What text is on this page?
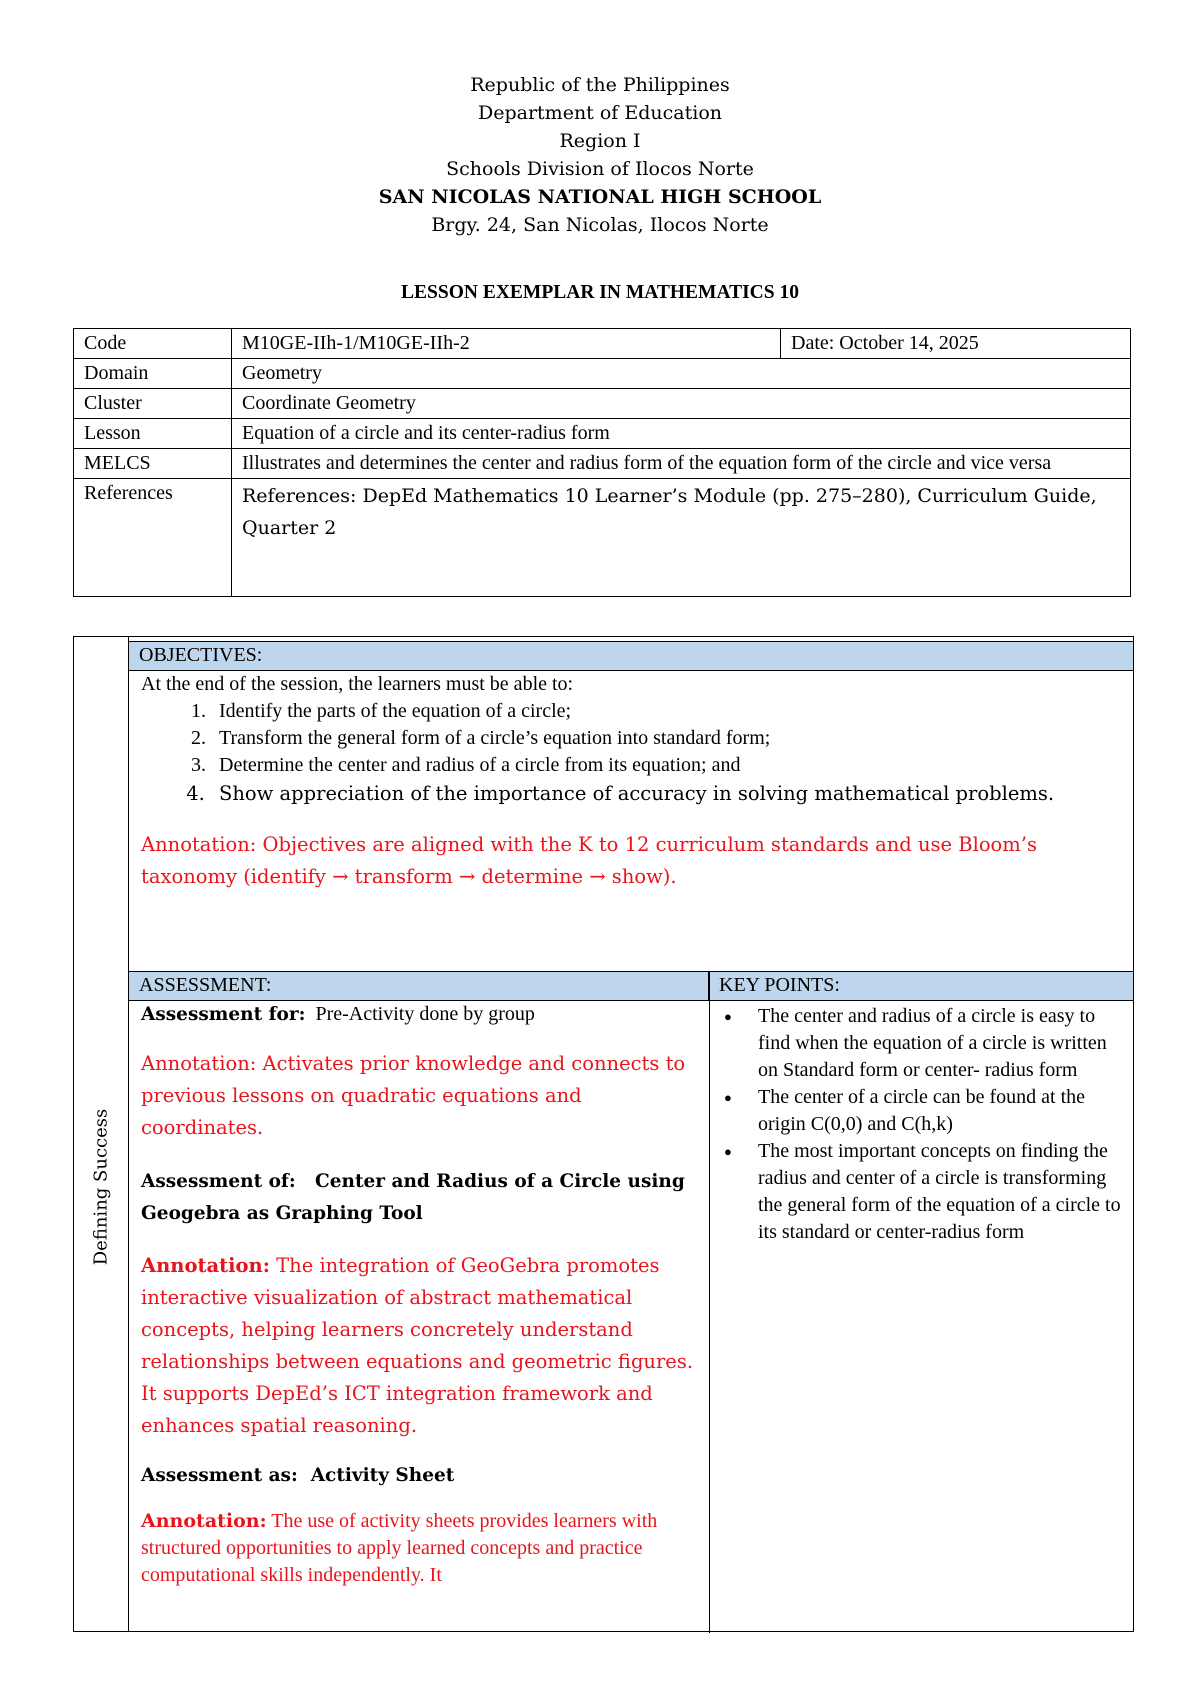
Republic of the Philippines
Department of Education
Region I
Schools Division of Ilocos Norte
SAN NICOLAS NATIONAL HIGH SCHOOL
Brgy. 24, San Nicolas, Ilocos Norte
LESSON EXEMPLAR IN MATHEMATICS 10
Code	M10GE-IIh-1/M10GE-IIh-2	Date: October 14, 2025
Domain	Geometry	
Cluster	Coordinate Geometry	
Lesson	Equation of a circle and its center-radius form	
MELCS	Illustrates and determines the center and radius form of the equation form of the circle and vice versa	
References	References: DepEd Mathematics 10 Learner’s Module (pp. 275–280), Curriculum Guide, Quarter 2	
Defining Success
OBJECTIVES:
At the end of the session, the learners must be able to:
1. Identify the parts of the equation of a circle;
2. Transform the general form of a circle’s equation into standard form;
3. Determine the center and radius of a circle from its equation; and
4. Show appreciation of the importance of accuracy in solving mathematical problems.
Annotation: Objectives are aligned with the K to 12 curriculum standards and use Bloom’s taxonomy (identify → transform → determine → show).
ASSESSMENT:	KEY POINTS:
Assessment for: Pre-Activity done by group
Annotation: Activates prior knowledge and connects to previous lessons on quadratic equations and coordinates.
Assessment of: Center and Radius of a Circle using Geogebra as Graphing Tool
Annotation: The integration of GeoGebra promotes interactive visualization of abstract mathematical concepts, helping learners concretely understand relationships between equations and geometric figures. It supports DepEd’s ICT integration framework and enhances spatial reasoning.
Assessment as: Activity Sheet
Annotation: The use of activity sheets provides learners with structured opportunities to apply learned concepts and practice computational skills independently. It
● The center and radius of a circle is easy to find when the equation of a circle is written on Standard form or center- radius form
● The center of a circle can be found at the origin C(0,0) and C(h,k)
● The most important concepts on finding the radius and center of a circle is transforming the general form of the equation of a circle to its standard or center-radius form
